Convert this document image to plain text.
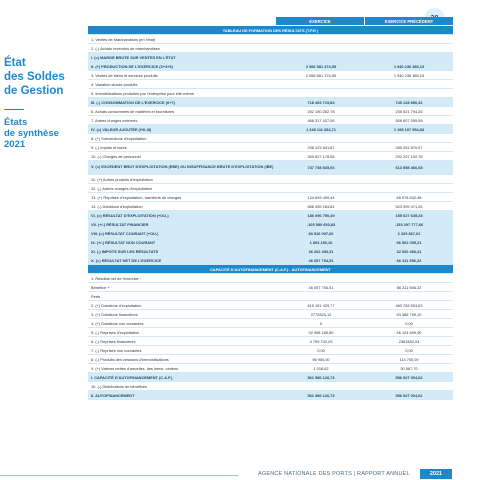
État
des Soldes
de Gestion
États
de synthèse
2021
EXERCICE	EXERCICE PRÉCÉDENT
TABLEAU DE FORMATION DES RÉSULTATS (T.F.R )
1. Ventes de Marchandises (en l'état)
2. (-) Achats revendus de marchandises
I. (=) MARGE BRUTE SUR VENTES EN L'ÉTAT
II. (+) PRODUCTION DE L'EXERCICE (3+4+5)	2 066 581 374,55	1 940 236 385,15
3. Ventes de biens et services produits	2 066 581 374,55	1 940 236 385,15
4. Variation stocks produits
5. Immobilisations produites par l'entreprise pour elle-même
III. (-) CONSOMMATION DE L'EXERCICE (6+7)	718 469 719,84	745 128 856,32
6. Achats consommés de matières et fournitures	252 150 282,78	236 521 794,26
7. Autres charges externes	466 317 437,06	508 607 055,06
IV. (=) VALEUR AJOUTÉE (I+II-III)	1 348 111 654,71	1 195 107 554,83
8. (+) Subventions d'exploitation
9. (-) Impôts et taxes	298 123 941,87	289 251 870,97
10. (-) Charges de personnel	309 827 178,58	292 297 192,78
V. (=) EXCÉDENT BRUT D'EXPLOITATION (EBE) OU INSUFFISANCE BRUTE D'EXPLOITATION (IBE)	747 758 535,06	613 558 466,08
11. (+) Autres produits d'exploitation
12. (-) Autres charges d'exploitation
13. (+) Reprises d'exploitation, transferts de charges	124 693 499,44	65 978 632,48
14. (-) Dotations d'exploitation	666 355 284,81	523 909 471,26
VI. (=) RÉSULTAT D'EXPLOITATION (+OU-)	186 096 750,49	155 627 645,28
VII. (+/-) RÉSULTAT FINANCIER	-105 580 653,83	-153 297 777,66
VIII. (=) RÉSULTAT COURANT (+OU-)	80 516 097,66	2 329 867,62
IX. (+/-) RÉSULTAT NON COURANT	1 804 150,16	96 502 095,21
XI. (-) IMPOTS SUR LES RÉSULTATS	36 262 493,31	32 520 406,41
X. (=) RÉSULTAT NET DE L'EXERCICE	46 057 754,51	66 311 556,22
CAPACITÉ D'AUTOFINANCEMENT (C.A.F.) - AUTOFINANCEMENT
1. Résultat net de l'exercice :
Bénéfice +	46 057 754,51	66 311 556,22
Perte -
2. (+) Dotations d'exploitation	619 151 429,77	483 783 503,63
3. (+) Dotations financières	2775325,12	53 386 759,10
4. (+) Dotations non courantes	0	0,00
5. (-) Reprises d'exploitation	92 498 165,80	46 124 699,90
6. (-) Reprises financières	4 799 742,29	2363482,03
7. (-) Reprises non courantes	0,00	0,00
8. (-) Produits des cessions d'immobilisations	96 950,00	114 700,00
9. (+) Valeurs nettes d'amortiss. des imms. cédées	1 016,62	30 567,70
I. CAPACITÉ D'AUTOFINANCEMENT (C.A.F.)	561 586 126,73	556 927 004,62
10. (-) Distributions de bénéfices
II. AUTOFINANCEMENT	561 586 126,73	556 927 004,62
AGENCE NATIONALE DES PORTS | RAPPORT ANNUEL	2021
